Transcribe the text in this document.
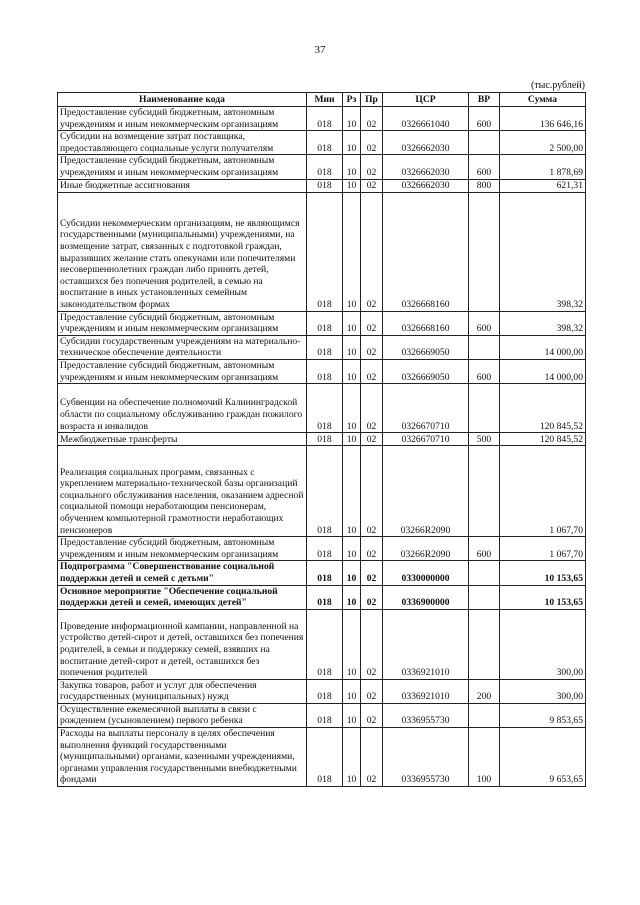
37
(тыс.рублей)
Наименование кода	Мин	Рз	Пр	ЦСР	ВР	Сумма
Предоставление субсидий бюджетным, автономным учреждениям и иным некоммерческим организациям	018	10	02	0326661040	600	136 646,16
Субсидии на возмещение затрат поставщика, предоставляющего социальные услуги получателям	018	10	02	0326662030		2 500,00
Предоставление субсидий бюджетным, автономным учреждениям и иным некоммерческим организациям	018	10	02	0326662030	600	1 878,69
Иные бюджетные ассигнования	018	10	02	0326662030	800	621,31
Субсидии некоммерческим организациям, не являющимся государственными (муниципальными) учреждениями, на возмещение затрат, связанных с подготовкой граждан, выразивших желание стать опекунами или попечителями несовершеннолетних граждан либо принять детей, оставшихся без попечения родителей, в семью на воспитание в иных установленных семейным законодательством формах	018	10	02	0326668160		398,32
Предоставление субсидий бюджетным, автономным учреждениям и иным некоммерческим организациям	018	10	02	0326668160	600	398,32
Субсидии государственным учреждениям на материально-техническое обеспечение деятельности	018	10	02	0326669050		14 000,00
Предоставление субсидий бюджетным, автономным учреждениям и иным некоммерческим организациям	018	10	02	0326669050	600	14 000,00
Субвенции на обеспечение полномочий Калининградской области по социальному обслуживанию граждан пожилого возраста и инвалидов	018	10	02	0326670710		120 845,52
Межбюджетные трансферты	018	10	02	0326670710	500	120 845,52
Реализация социальных программ, связанных с укреплением материально-технической базы организаций социального обслуживания населения, оказанием адресной социальной помощи неработающим пенсионерам, обучением компьютерной грамотности неработающих пенсионеров	018	10	02	03266R2090		1 067,70
Предоставление субсидий бюджетным, автономным учреждениям и иным некоммерческим организациям	018	10	02	03266R2090	600	1 067,70
Подпрограмма "Совершенствование социальной поддержки детей и семей с детьми"	018	10	02	0330000000		10 153,65
Основное мероприятие "Обеспечение социальной поддержки детей и семей, имеющих детей"	018	10	02	0336900000		10 153,65
Проведение информационной кампании, направленной на устройство детей-сирот и детей, оставшихся без попечения родителей, в семьи и поддержку семей, взявших на воспитание детей-сирот и детей, оставшихся без попечения родителей	018	10	02	0336921010		300,00
Закупка товаров, работ и услуг для обеспечения государственных (муниципальных) нужд	018	10	02	0336921010	200	300,00
Осуществление ежемесячной выплаты в связи с рождением (усыновлением) первого ребенка	018	10	02	0336955730		9 853,65
Расходы на выплаты персоналу в целях обеспечения выполнения функций государственными (муниципальными) органами, казенными учреждениями, органами управления государственными внебюджетными фондами	018	10	02	0336955730	100	9 653,65
